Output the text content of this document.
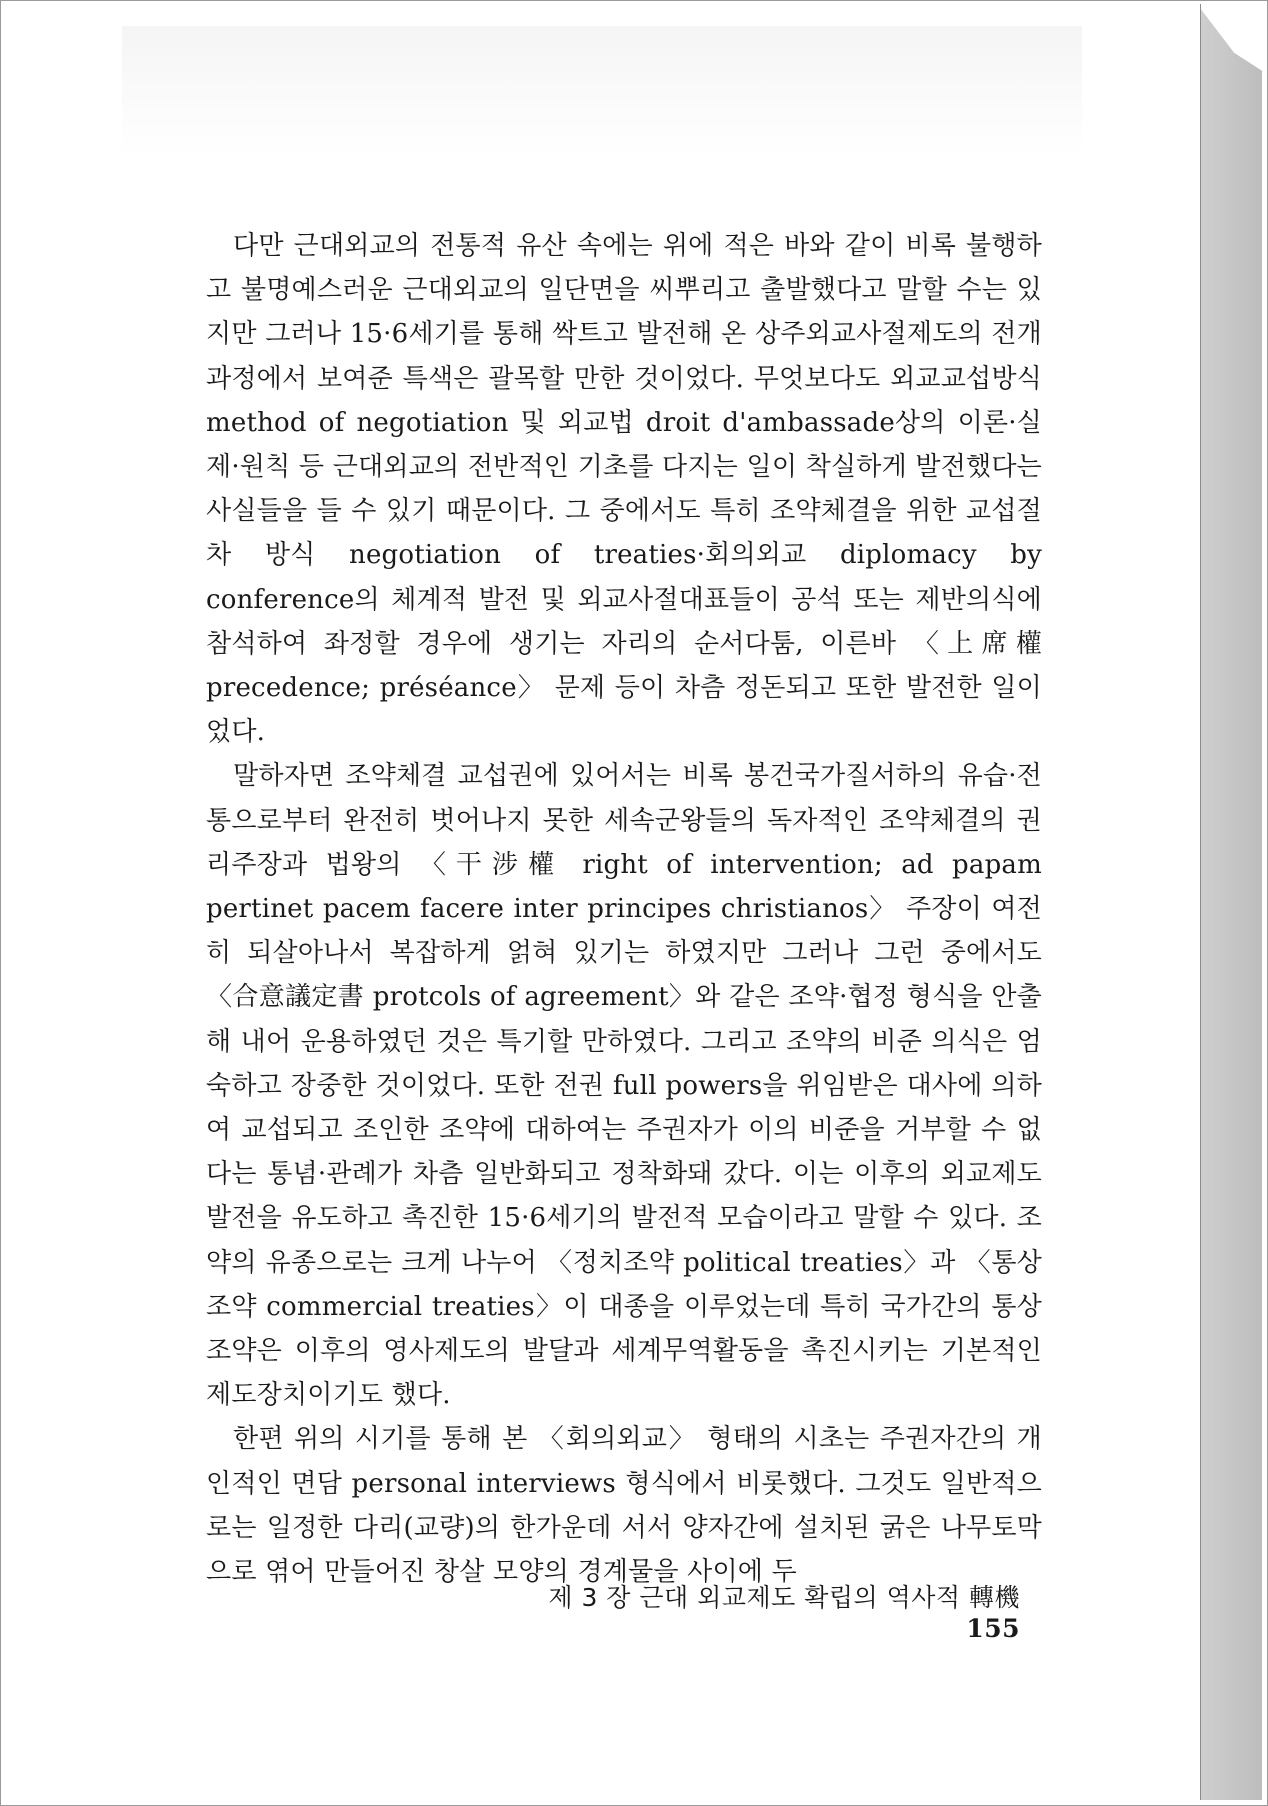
다만 근대외교의 전통적 유산 속에는 위에 적은 바와 같이 비록 불행하고 불명예스러운 근대외교의 일단면을 씨뿌리고 출발했다고 말할 수는 있지만 그러나 15·6세기를 통해 싹트고 발전해 온 상주외교사절제도의 전개과정에서 보여준 특색은 괄목할 만한 것이었다. 무엇보다도 외교교섭방식 method of negotiation 및 외교법 droit d'ambassade상의 이론·실제·원칙 등 근대외교의 전반적인 기초를 다지는 일이 착실하게 발전했다는 사실들을 들 수 있기 때문이다. 그 중에서도 특히 조약체결을 위한 교섭절차 방식 negotiation of treaties·회의외교 diplomacy by conference의 체계적 발전 및 외교사절대표들이 공석 또는 제반의식에 참석하여 좌정할 경우에 생기는 자리의 순서다툼, 이른바 〈上席權 precedence; préséance〉 문제 등이 차츰 정돈되고 또한 발전한 일이었다.

말하자면 조약체결 교섭권에 있어서는 비록 봉건국가질서하의 유습·전통으로부터 완전히 벗어나지 못한 세속군왕들의 독자적인 조약체결의 권리주장과 법왕의 〈干涉權 right of intervention; ad papam pertinet pacem facere inter principes christianos〉 주장이 여전히 되살아나서 복잡하게 얽혀 있기는 하였지만 그러나 그런 중에서도 〈合意議定書 protcols of agreement〉와 같은 조약·협정 형식을 안출해 내어 운용하였던 것은 특기할 만하였다. 그리고 조약의 비준 의식은 엄숙하고 장중한 것이었다. 또한 전권 full powers을 위임받은 대사에 의하여 교섭되고 조인한 조약에 대하여는 주권자가 이의 비준을 거부할 수 없다는 통념·관례가 차츰 일반화되고 정착화돼 갔다. 이는 이후의 외교제도 발전을 유도하고 촉진한 15·6세기의 발전적 모습이라고 말할 수 있다. 조약의 유종으로는 크게 나누어 〈정치조약 political treaties〉과 〈통상조약 commercial treaties〉이 대종을 이루었는데 특히 국가간의 통상조약은 이후의 영사제도의 발달과 세계무역활동을 촉진시키는 기본적인 제도장치이기도 했다.

한편 위의 시기를 통해 본 〈회의외교〉 형태의 시초는 주권자간의 개인적인 면담 personal interviews 형식에서 비롯했다. 그것도 일반적으로는 일정한 다리(교량)의 한가운데 서서 양자간에 설치된 굵은 나무토막으로 엮어 만들어진 창살 모양의 경계물을 사이에 두

제 3 장 근대 외교제도 확립의 역사적 轉機155
